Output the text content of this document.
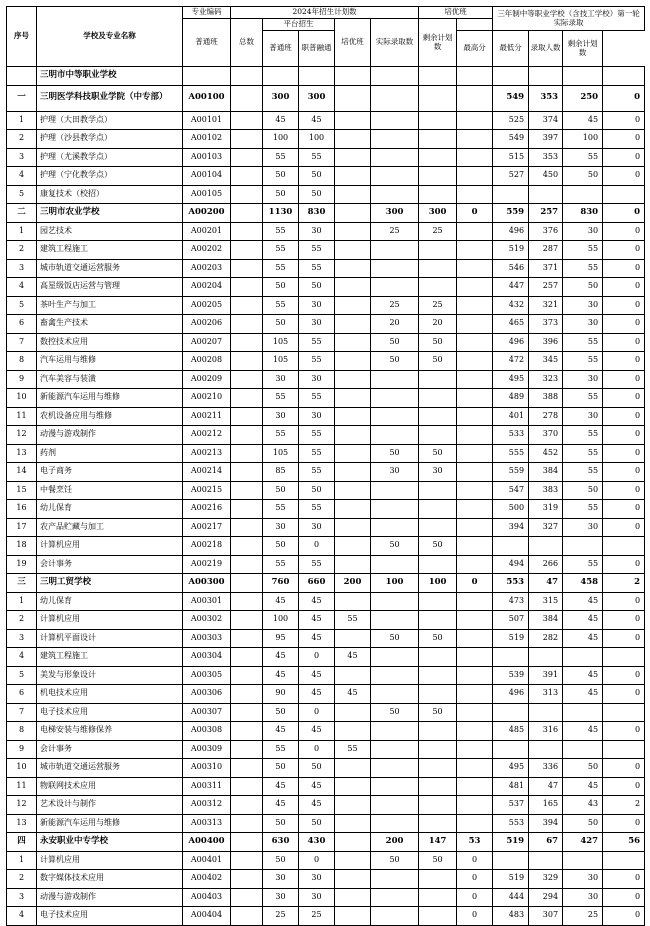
序号	学校及专业名称	专业编码	2024年招生计划数					培优班		三年制中等职业学校（含技工学校）第一轮实际录取			
		普通班	总数	平台招生		培优班	实际录取数	剩余计划数					
				普通班	职普融通				最高分	最低分	录取人数	剩余计划数	
	三明市中等职业学校												
一	三明医学科技职业学院（中专部）	A00100		300	300					549	353	250	0
1	护理（大田教学点）	A00101		45	45					525	374	45	0
2	护理（沙县教学点）	A00102		100	100					549	397	100	0
3	护理（尤溪教学点）	A00103		55	55					515	353	55	0
4	护理（宁化教学点）	A00104		50	50					527	450	50	0
5	康复技术（校招）	A00105		50	50								
二	三明市农业学校	A00200		1130	830		300	300	0	559	257	830	0
1	园艺技术	A00201		55	30		25	25		496	376	30	0
2	建筑工程施工	A00202		55	55					519	287	55	0
3	城市轨道交通运营服务	A00203		55	55					546	371	55	0
4	高星级饭店运营与管理	A00204		50	50					447	257	50	0
5	茶叶生产与加工	A00205		55	30		25	25		432	321	30	0
6	畜禽生产技术	A00206		50	30		20	20		465	373	30	0
7	数控技术应用	A00207		105	55		50	50		496	396	55	0
8	汽车运用与维修	A00208		105	55		50	50		472	345	55	0
9	汽车美容与装潢	A00209		30	30					495	323	30	0
10	新能源汽车运用与维修	A00210		55	55					489	388	55	0
11	农机设备应用与维修	A00211		30	30					401	278	30	0
12	动漫与游戏制作	A00212		55	55					533	370	55	0
13	药剂	A00213		105	55		50	50		555	452	55	0
14	电子商务	A00214		85	55		30	30		559	384	55	0
15	中餐烹饪	A00215		50	50					547	383	50	0
16	幼儿保育	A00216		55	55					500	319	55	0
17	农产品贮藏与加工	A00217		30	30					394	327	30	0
18	计算机应用	A00218		50	0		50	50					
19	会计事务	A00219		55	55					494	266	55	0
三	三明工贸学校	A00300		760	660	200	100	100	0	553	47	458	2
1	幼儿保育	A00301		45	45					473	315	45	0
2	计算机应用	A00302		100	45	55				507	384	45	0
3	计算机平面设计	A00303		95	45		50	50		519	282	45	0
4	建筑工程施工	A00304		45	0	45							
5	美发与形象设计	A00305		45	45					539	391	45	0
6	机电技术应用	A00306		90	45	45				496	313	45	0
7	电子技术应用	A00307		50	0		50	50					
8	电梯安装与维修保养	A00308		45	45					485	316	45	0
9	会计事务	A00309		55	0	55							
10	城市轨道交通运营服务	A00310		50	50					495	336	50	0
11	物联网技术应用	A00311		45	45					481	47	45	0
12	艺术设计与制作	A00312		45	45					537	165	43	2
13	新能源汽车运用与维修	A00313		50	50					553	394	50	0
四	永安职业中专学校	A00400		630	430		200	147	53	519	67	427	56
1	计算机应用	A00401		50	0		50	50	0				
2	数字媒体技术应用	A00402		30	30				0	519	329	30	0
3	动漫与游戏制作	A00403		30	30				0	444	294	30	0
4	电子技术应用	A00404		25	25				0	483	307	25	0
